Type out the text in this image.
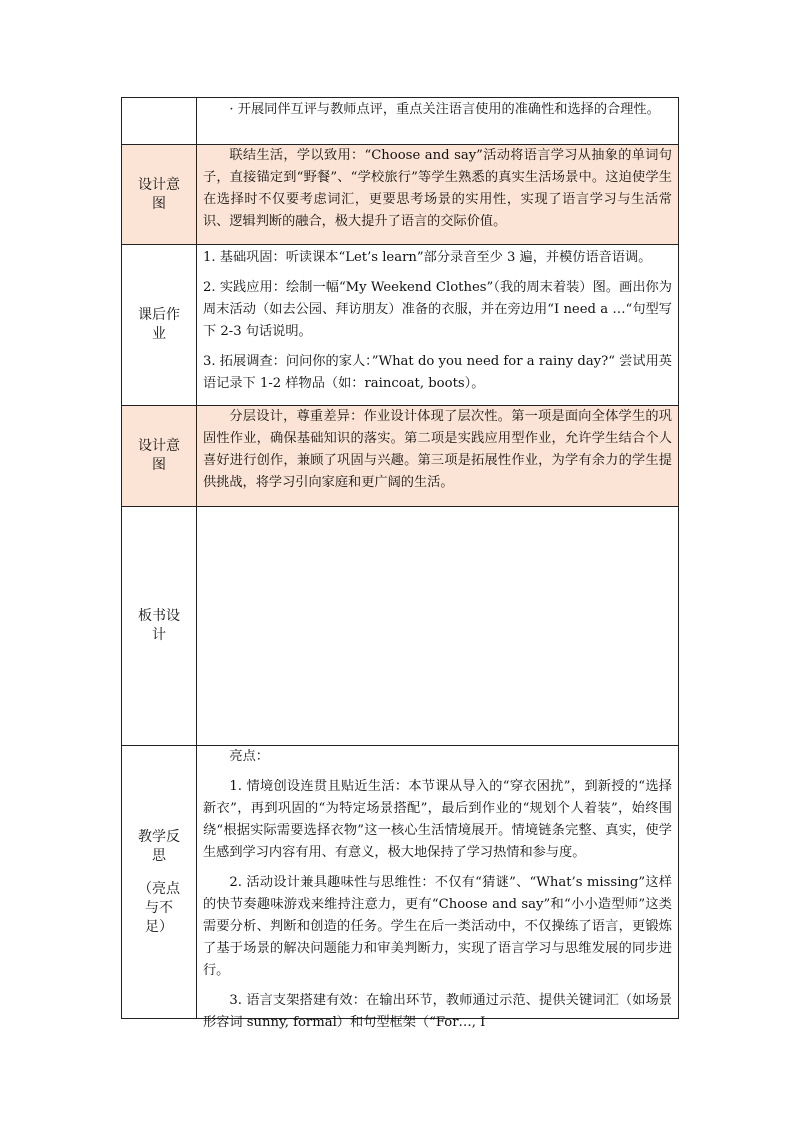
· 开展同伴互评与教师点评，重点关注语言使用的准确性和选择的合理性。

设计意图

联结生活，学以致用：“Choose and say”活动将语言学习从抽象的单词句子，直接锚定到“野餐”、“学校旅行”等学生熟悉的真实生活场景中。这迫使学生在选择时不仅要考虑词汇，更要思考场景的实用性，实现了语言学习与生活常识、逻辑判断的融合，极大提升了语言的交际价值。

课后作业

1. 基础巩固：听读课本“Let’s learn”部分录音至少 3 遍，并模仿语音语调。

2. 实践应用：绘制一幅“My Weekend Clothes”（我的周末着装）图。画出你为周末活动（如去公园、拜访朋友）准备的衣服，并在旁边用“I need a …“句型写下 2-3 句话说明。

3. 拓展调查：问问你的家人：”What do you need for a rainy day?“ 尝试用英语记录下 1-2 样物品（如：raincoat, boots）。

设计意图

分层设计，尊重差异：作业设计体现了层次性。第一项是面向全体学生的巩固性作业，确保基础知识的落实。第二项是实践应用型作业，允许学生结合个人喜好进行创作，兼顾了巩固与兴趣。第三项是拓展性作业，为学有余力的学生提供挑战，将学习引向家庭和更广阔的生活。

板书设计
教学反思
（亮点与不足）

亮点：

1. 情境创设连贯且贴近生活：本节课从导入的“穿衣困扰”，到新授的“选择新衣”，再到巩固的“为特定场景搭配”，最后到作业的“规划个人着装”，始终围绕“根据实际需要选择衣物”这一核心生活情境展开。情境链条完整、真实，使学生感到学习内容有用、有意义，极大地保持了学习热情和参与度。

2. 活动设计兼具趣味性与思维性：不仅有“猜谜”、“What’s missing”这样的快节奏趣味游戏来维持注意力，更有“Choose and say”和“小小造型师”这类需要分析、判断和创造的任务。学生在后一类活动中，不仅操练了语言，更锻炼了基于场景的解决问题能力和审美判断力，实现了语言学习与思维发展的同步进行。

3. 语言支架搭建有效：在输出环节，教师通过示范、提供关键词汇（如场景形容词 sunny, formal）和句型框架（“For…, I
